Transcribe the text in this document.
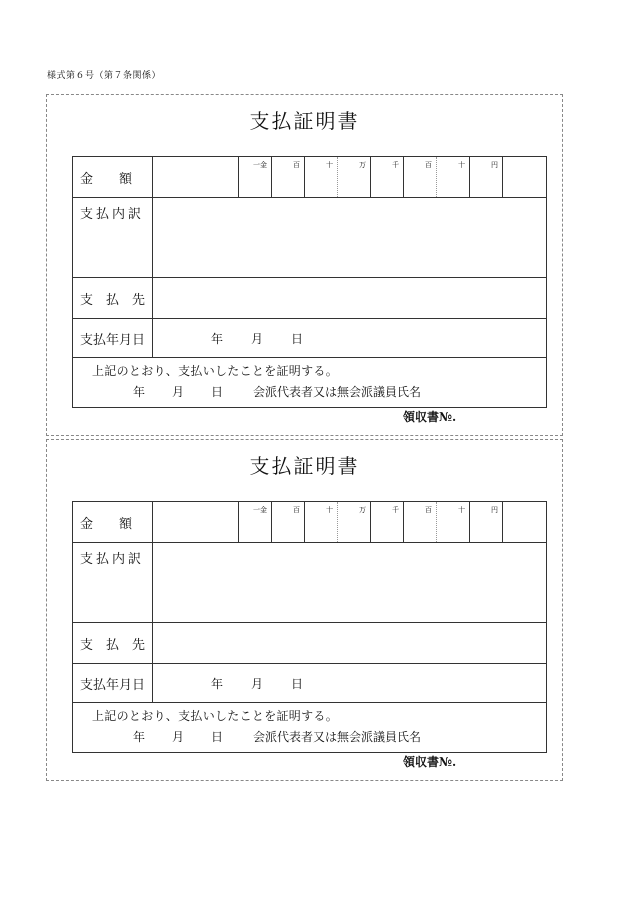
様式第６号（第７条関係）
支払証明書
金　　額
一金	百	十	万	千	百	十	円
支払内訳
支　払　先
支払年月日	年	月	日
上記のとおり、支払いしたことを証明する。
年 月 日	会派代表者又は無会派議員氏名
領収書№.
支払証明書
金　　額
一金	百	十	万	千	百	十	円
支払内訳
支　払　先
支払年月日	年	月	日
上記のとおり、支払いしたことを証明する。
年 月 日	会派代表者又は無会派議員氏名
領収書№.
